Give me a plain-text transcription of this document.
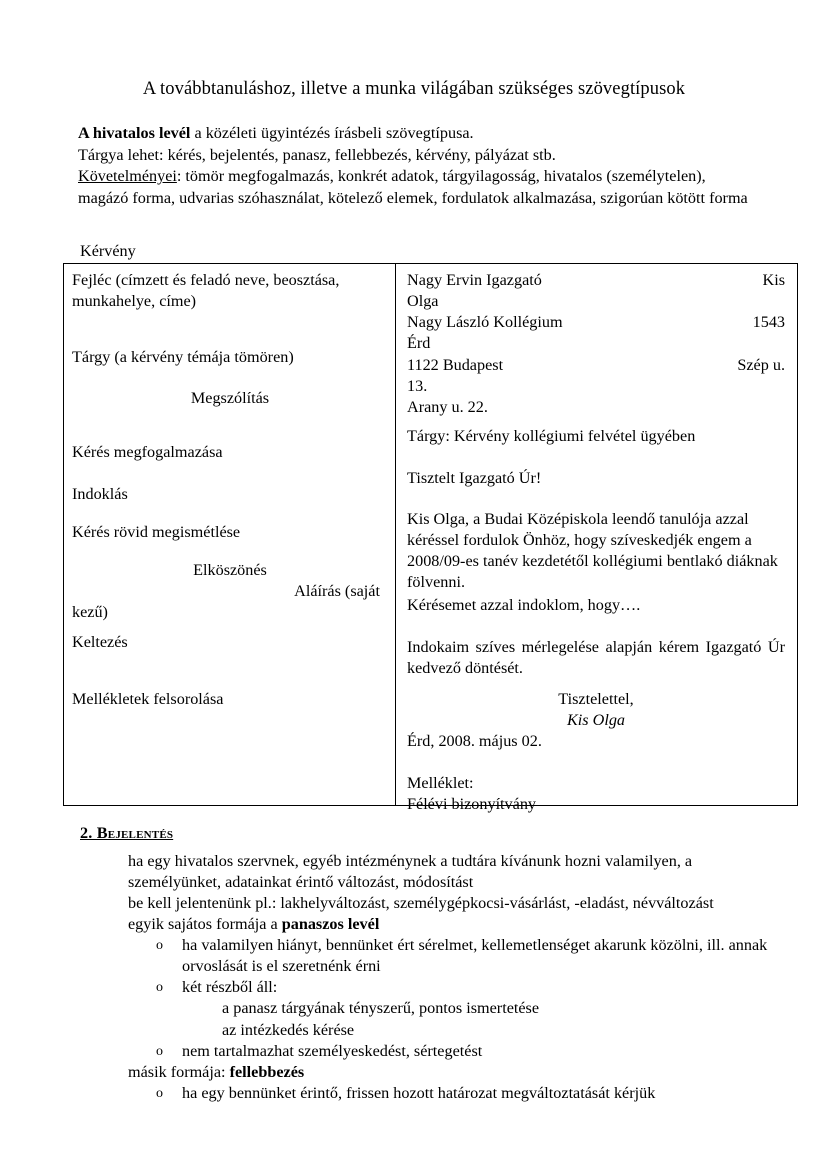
A továbbtanuláshoz, illetve a munka világában szükséges szövegtípusok

A hivatalos levél a közéleti ügyintézés írásbeli szövegtípusa.

Tárgya lehet: kérés, bejelentés, panasz, fellebbezés, kérvény, pályázat stb.

Követelményei: tömör megfogalmazás, konkrét adatok, tárgyilagosság, hivatalos (személytelen), magázó forma, udvarias szóhasználat, kötelező elemek, fordulatok alkalmazása, szigorúan kötött forma

Kérvény
Fejléc (címzett és feladó neve, beosztása, munkahelye, címe)
Tárgy (a kérvény témája tömören)
Megszólítás
Kérés megfogalmazása
Indoklás
Kérés rövid megismétlése
Elköszönés
Aláírás (saját
kezű)
Keltezés
Mellékletek felsorolása
Nagy Ervin Igazgató	Kis
Olga
Nagy László Kollégium	1543
Érd
1122 Budapest	Szép u.
13.
Arany u. 22.
Tárgy: Kérvény kollégiumi felvétel ügyében
Tisztelt Igazgató Úr!
Kis Olga, a Budai Középiskola leendő tanulója azzal kéréssel fordulok Önhöz, hogy szíveskedjék engem a 2008/09-es tanév kezdetétől kollégiumi bentlakó diáknak fölvenni.
Kérésemet azzal indoklom, hogy….
Indokaim szíves mérlegelése alapján kérem Igazgató Úr kedvező döntését.
Tisztelettel,
Kis Olga
Érd, 2008. május 02.
Melléklet:
Félévi bizonyítvány
2. Bejelentés

ha egy hivatalos szervnek, egyéb intézménynek a tudtára kívánunk hozni valamilyen, a személyünket, adatainkat érintő változást, módosítást

be kell jelentenünk pl.: lakhelyváltozást, személygépkocsi-vásárlást, -eladást, névváltozást

egyik sajátos formája a panaszos levél

o	ha valamilyen hiányt, bennünket ért sérelmet, kellemetlenséget akarunk közölni, ill. annak orvoslását is el szeretnénk érni
o	két részből áll:

a panasz tárgyának tényszerű, pontos ismertetése

az intézkedés kérése

o	nem tartalmazhat személyeskedést, sértegetést

másik formája: fellebbezés

o	ha egy bennünket érintő, frissen hozott határozat megváltoztatását kérjük
